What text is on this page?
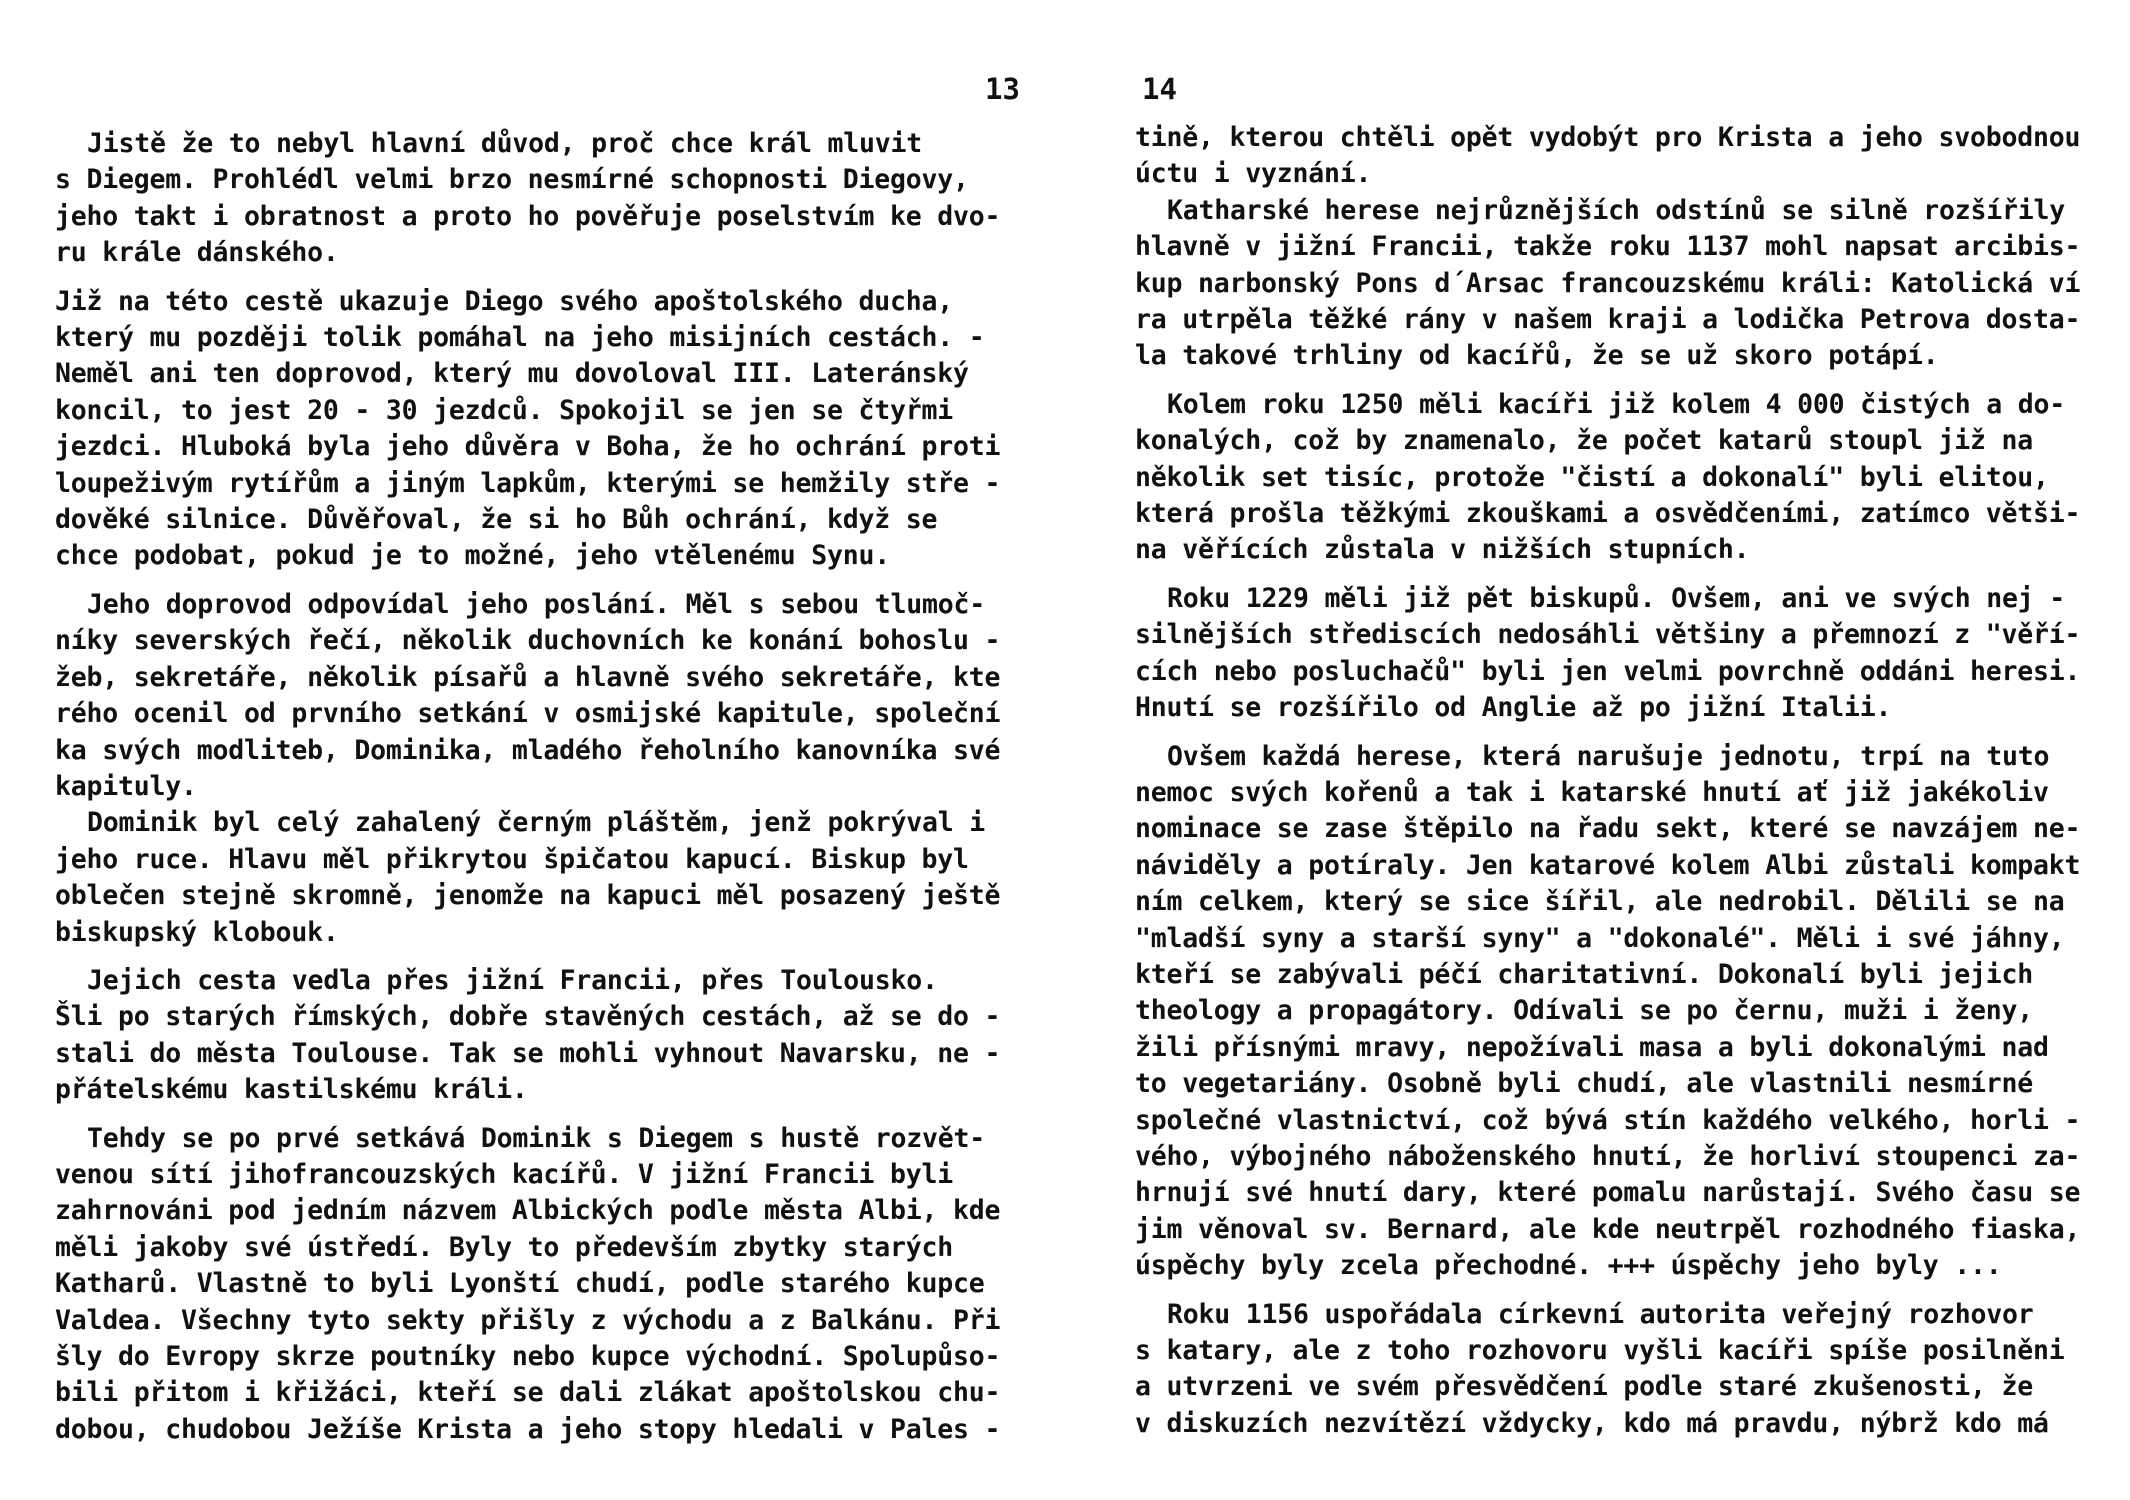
13
Jistě že to nebyl hlavní důvod, proč chce král mluvit
s Diegem. Prohlédl velmi brzo nesmírné schopnosti Diegovy,
jeho takt i obratnost a proto ho pověřuje poselstvím ke dvo-
ru krále dánského.
Již na této cestě ukazuje Diego svého apoštolského ducha,
který mu později tolik pomáhal na jeho misijních cestách. -
Neměl ani ten doprovod, který mu dovoloval III. Lateránský
koncil, to jest 20 - 30 jezdců. Spokojil se jen se čtyřmi
jezdci. Hluboká byla jeho důvěra v Boha, že ho ochrání proti
loupeživým rytířům a jiným lapkům, kterými se hemžily stře -
dověké silnice. Důvěřoval, že si ho Bůh ochrání, když se
chce podobat, pokud je to možné, jeho vtělenému Synu.
Jeho doprovod odpovídal jeho poslání. Měl s sebou tlumoč-
níky severských řečí, několik duchovních ke konání bohoslu -
žeb, sekretáře, několik písařů a hlavně svého sekretáře, kte
rého ocenil od prvního setkání v osmijské kapitule, společní
ka svých modliteb, Dominika, mladého řeholního kanovníka své
kapituly.
Dominik byl celý zahalený černým pláštěm, jenž pokrýval i
jeho ruce. Hlavu měl přikrytou špičatou kapucí. Biskup byl
oblečen stejně skromně, jenomže na kapuci měl posazený ještě
biskupský klobouk.
Jejich cesta vedla přes jižní Francii, přes Toulousko.
Šli po starých římských, dobře stavěných cestách, až se do -
stali do města Toulouse. Tak se mohli vyhnout Navarsku, ne -
přátelskému kastilskému králi.
Tehdy se po prvé setkává Dominik s Diegem s hustě rozvět-
venou sítí jihofrancouzských kacířů. V jižní Francii byli
zahrnováni pod jedním názvem Albických podle města Albi, kde
měli jakoby své ústředí. Byly to především zbytky starých
Katharů. Vlastně to byli Lyonští chudí, podle starého kupce
Valdea. Všechny tyto sekty přišly z východu a z Balkánu. Při
šly do Evropy skrze poutníky nebo kupce východní. Spolupůso-
bili přitom i křižáci, kteří se dali zlákat apoštolskou chu-
dobou, chudobou Ježíše Krista a jeho stopy hledali v Pales -
14
tině, kterou chtěli opět vydobýt pro Krista a jeho svobodnou
úctu i vyznání.
Katharské herese nejrůznějších odstínů se silně rozšířily
hlavně v jižní Francii, takže roku 1137 mohl napsat arcibis-
kup narbonský Pons d´Arsac francouzskému králi: Katolická ví
ra utrpěla těžké rány v našem kraji a lodička Petrova dosta-
la takové trhliny od kacířů, že se už skoro potápí.
Kolem roku 1250 měli kacíři již kolem 4 000 čistých a do-
konalých, což by znamenalo, že počet katarů stoupl již na
několik set tisíc, protože "čistí a dokonalí" byli elitou,
která prošla těžkými zkouškami a osvědčeními, zatímco větši-
na věřících zůstala v nižších stupních.
Roku 1229 měli již pět biskupů. Ovšem, ani ve svých nej -
silnějších střediscích nedosáhli většiny a přemnozí z "věří-
cích nebo posluchačů" byli jen velmi povrchně oddáni heresi.
Hnutí se rozšířilo od Anglie až po jižní Italii.
Ovšem každá herese, která narušuje jednotu, trpí na tuto
nemoc svých kořenů a tak i katarské hnutí ať již jakékoliv
nominace se zase štěpilo na řadu sekt, které se navzájem ne-
náviděly a potíraly. Jen katarové kolem Albi zůstali kompakt
ním celkem, který se sice šířil, ale nedrobil. Dělili se na
"mladší syny a starší syny" a "dokonalé". Měli i své jáhny,
kteří se zabývali péčí charitativní. Dokonalí byli jejich
theology a propagátory. Odívali se po černu, muži i ženy,
žili přísnými mravy, nepožívali masa a byli dokonalými nad
to vegetariány. Osobně byli chudí, ale vlastnili nesmírné
společné vlastnictví, což bývá stín každého velkého, horli -
vého, výbojného náboženského hnutí, že horliví stoupenci za-
hrnují své hnutí dary, které pomalu narůstají. Svého času se
jim věnoval sv. Bernard, ale kde neutrpěl rozhodného fiaska,
úspěchy byly zcela přechodné. +++ úspěchy jeho byly ...
Roku 1156 uspořádala církevní autorita veřejný rozhovor
s katary, ale z toho rozhovoru vyšli kacíři spíše posilněni
a utvrzeni ve svém přesvědčení podle staré zkušenosti, že
v diskuzích nezvítězí vždycky, kdo má pravdu, nýbrž kdo má
